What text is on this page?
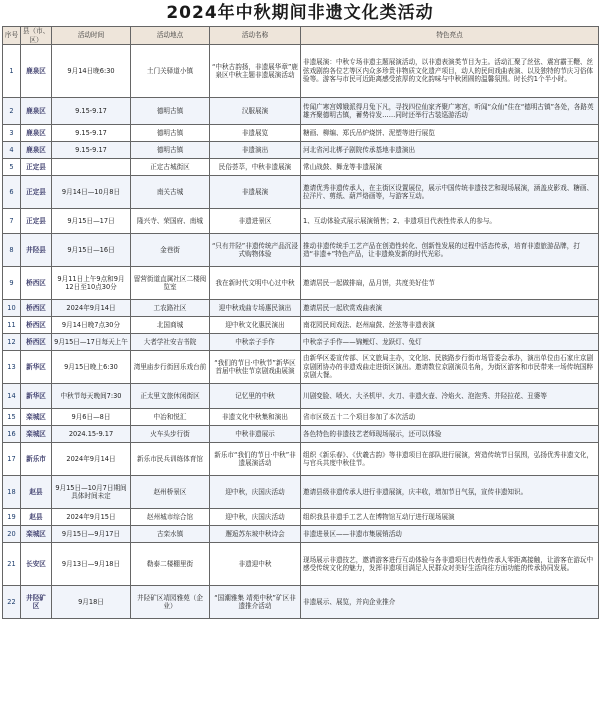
2024年中秋期间非遗文化类活动
序号	县（市、区）	活动时间	活动地点	活动名称	特色亮点
1	鹿泉区	9月14日晚6:30	土门关驿道小镇	“中秋古韵扬，非遗展华章”鹿泉区中秋主题非遗展演活动	非遗展演：中秋专场非遗主题展演活动，以非遗表演类节目为主。活动汇聚了丝弦、震宫霸王鞭、丝弦戏剧韵各位艺等区内众多珍贵非物质文化遗产项目，动人的民间戏曲表演、以及独特的节庆习俗体验等。游客与市民可近距离感受浓厚的文化韵味与中秋团圆的温馨氛围。时长约1个半小时。
2	鹿泉区	9.15-9.17	德明古镇	汉服展演	传闻广寒宫嫦娥派得月兔下凡，寻找四位仙家齐聚广寒宫，听闻“众仙”住在“德明古镇”各处，各路英雄齐聚德明古镇，蓄势待发……同时还举行古装巡游活动
3	鹿泉区	9.15-9.17	德明古镇	非遗展览	糖画、柳编、郑氏吊炉烧饼、泥塑等进行展览
4	鹿泉区	9.15-9.17	德明古镇	非遗演出	河北省河北梆子剧院传承基地非遗演出
5	正定县		正定古城街区	民俗荟萃，中秋非遗展演	常山战鼓、舞龙等非遗展演
6	正定县	9月14日—10月8日	南关古城	非遗展演	邀请优秀非遗传承人，在主街区设置展位，展示中国传统非遗技艺和现场展演，涵盖皮影戏、糖画、拉洋片、剪纸、葫芦烙画等，与游客互动。
7	正定县	9月15日—17日	隆兴寺、荣国府、南城	非遗进景区	1、互动体验式展示展演销售；2、非遗项目代表性传承人的参与。
8	井陉县	9月15日—16日	金巷街	“只有井陉”非遗传统产品沉浸式购物体验	推动非遗传统手工艺产品在创造性转化、创新性发展的过程中活态传承，培育非遗旅游品牌，打造“非遗+”特色产品，让非遗焕发新的时代光彩。
9	桥西区	9月11日上午9点和9月12日至10点30分	留营街道直属社区二楼阅览室	我在新时代文明中心过中秋	邀请居民一起做排扇，品月饼，共度美好佳节
10	桥西区	2024年9月14日	工农路社区	迎中秋戏曲专场惠民演出	邀请居民一起欣赏戏曲表演
11	桥西区	9月14日晚7点30分	北国商城	迎中秋文化惠民演出	南花园民间戏法、赵州扇鼓、丝弦等非遗表演
12	桥西区	9月15日—17日每天上午	大者学社安吉书院	中秋亲子手作	中秋亲子手作——锦鲤灯、龙跃灯、兔灯
13	新华区	9月15日晚上6:30	湾里庙步行街回乐戏台前	“我们的节日·中秋节”新华区首届中秋佳节京剧戏曲展演	由新华区委宣传部、区文旅局主办，文化馆、民族路步行街市场管委会承办，演出单位由石家庄京剧京剧团协办的非遗戏曲走进街区演出。邀请数位京剧演员名角，为街区游客和市民带来一场传统国粹京剧大餐。
14	新华区	中秋节每天晚间7:30	正太里文旅休闲街区	记忆里的中秋	川剧变脸、喷火、大圣机甲、火刀、非遗火壶、冷焰火、泡泡秀、井陉拉花、丑婆等
15	栾城区	9月6日—8日	中冶和悦汇	非遗文化中秋集和演出	省市区级五十二个项目参加了本次活动
16	栾城区	2024.15-9.17	火车头步行街	中秋非遗展示	各色特色的非遗技艺老师现场展示，还可以体验
17	新乐市	2024年9月14日	新乐市民兵训练体育馆	新乐市“我们的节日·中秋”非遗展演活动	组织《新乐春》、《伏羲古韵》等非遗项目在部队进行展演，营造传统节日氛围，弘扬优秀非遗文化，与官兵共度中秋佳节。
18	赵县	9月15日—10月7日期间具体时间未定	赵州桥景区	迎中秋，庆国庆活动	邀请县级非遗传承人进行非遗展演，庆丰收，增加节日气氛，宣传非遗知识。
19	赵县	2024年9月15日	赵州城市综合馆	迎中秋，庆国庆活动	组织我县非遗手工艺人在博物馆互动厅进行现场展演
20	栾城区	9月15日—9月17日	古栾水镇	邂逅苏东坡中秋诗会	非遗进景区——非遗市集展销活动
21	长安区	9月13日—9月18日	勒泰二楼棚里街	非遗迎中秋	现场展示非遗技艺，邀请游客进行互动体验与各非遗项目代表性传承人零距离接触，让游客在游玩中感受传统文化的魅力，发挥非遗项目满足人民群众对美好生活向往方面功能的传承协同发展。
22	井陉矿区	9月18日	井陉矿区靖园雅苑（企业）	“国潮雅集 靖苑中秋”矿区非遗推介活动	非遗展示、展览，并向企业推介
